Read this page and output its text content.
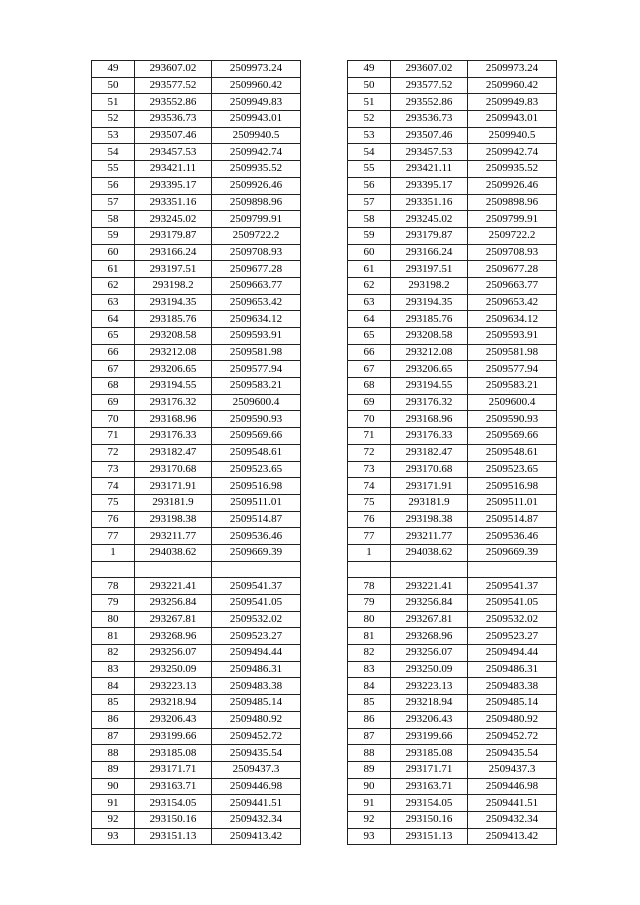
49	293607.02	2509973.24
50	293577.52	2509960.42
51	293552.86	2509949.83
52	293536.73	2509943.01
53	293507.46	2509940.5
54	293457.53	2509942.74
55	293421.11	2509935.52
56	293395.17	2509926.46
57	293351.16	2509898.96
58	293245.02	2509799.91
59	293179.87	2509722.2
60	293166.24	2509708.93
61	293197.51	2509677.28
62	293198.2	2509663.77
63	293194.35	2509653.42
64	293185.76	2509634.12
65	293208.58	2509593.91
66	293212.08	2509581.98
67	293206.65	2509577.94
68	293194.55	2509583.21
69	293176.32	2509600.4
70	293168.96	2509590.93
71	293176.33	2509569.66
72	293182.47	2509548.61
73	293170.68	2509523.65
74	293171.91	2509516.98
75	293181.9	2509511.01
76	293198.38	2509514.87
77	293211.77	2509536.46
1	294038.62	2509669.39

78	293221.41	2509541.37
79	293256.84	2509541.05
80	293267.81	2509532.02
81	293268.96	2509523.27
82	293256.07	2509494.44
83	293250.09	2509486.31
84	293223.13	2509483.38
85	293218.94	2509485.14
86	293206.43	2509480.92
87	293199.66	2509452.72
88	293185.08	2509435.54
89	293171.71	2509437.3
90	293163.71	2509446.98
91	293154.05	2509441.51
92	293150.16	2509432.34
93	293151.13	2509413.42
49	293607.02	2509973.24
50	293577.52	2509960.42
51	293552.86	2509949.83
52	293536.73	2509943.01
53	293507.46	2509940.5
54	293457.53	2509942.74
55	293421.11	2509935.52
56	293395.17	2509926.46
57	293351.16	2509898.96
58	293245.02	2509799.91
59	293179.87	2509722.2
60	293166.24	2509708.93
61	293197.51	2509677.28
62	293198.2	2509663.77
63	293194.35	2509653.42
64	293185.76	2509634.12
65	293208.58	2509593.91
66	293212.08	2509581.98
67	293206.65	2509577.94
68	293194.55	2509583.21
69	293176.32	2509600.4
70	293168.96	2509590.93
71	293176.33	2509569.66
72	293182.47	2509548.61
73	293170.68	2509523.65
74	293171.91	2509516.98
75	293181.9	2509511.01
76	293198.38	2509514.87
77	293211.77	2509536.46
1	294038.62	2509669.39

78	293221.41	2509541.37
79	293256.84	2509541.05
80	293267.81	2509532.02
81	293268.96	2509523.27
82	293256.07	2509494.44
83	293250.09	2509486.31
84	293223.13	2509483.38
85	293218.94	2509485.14
86	293206.43	2509480.92
87	293199.66	2509452.72
88	293185.08	2509435.54
89	293171.71	2509437.3
90	293163.71	2509446.98
91	293154.05	2509441.51
92	293150.16	2509432.34
93	293151.13	2509413.42
